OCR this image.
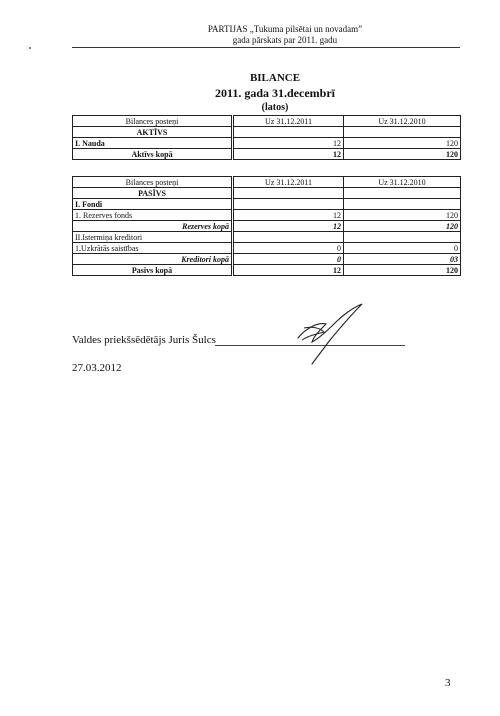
PARTIJAS „Tukuma pilsētai un novadam”
gada pārskats par 2011. gadu
BILANCE
2011. gada 31.decembrī
(latos)
Bilances posteņi	Uz 31.12.2011	Uz 31.12.2010
AKTĪVS		
I. Nauda	12	120
Aktīvs kopā	12	120
Bilances posteņi	Uz 31.12.2011	Uz 31.12.2010
PASĪVS		
I. Fondi		
1. Rezerves fonds	12	120
Rezerves kopā	12	120
II.Istermiņa kreditori		
1.Uzkrātās saistības	0	0
Kreditori kopā	0	03
Pasīvs kopā	12	120
Valdes priekšsēdētājs Juris Šulcs
27.03.2012
3
